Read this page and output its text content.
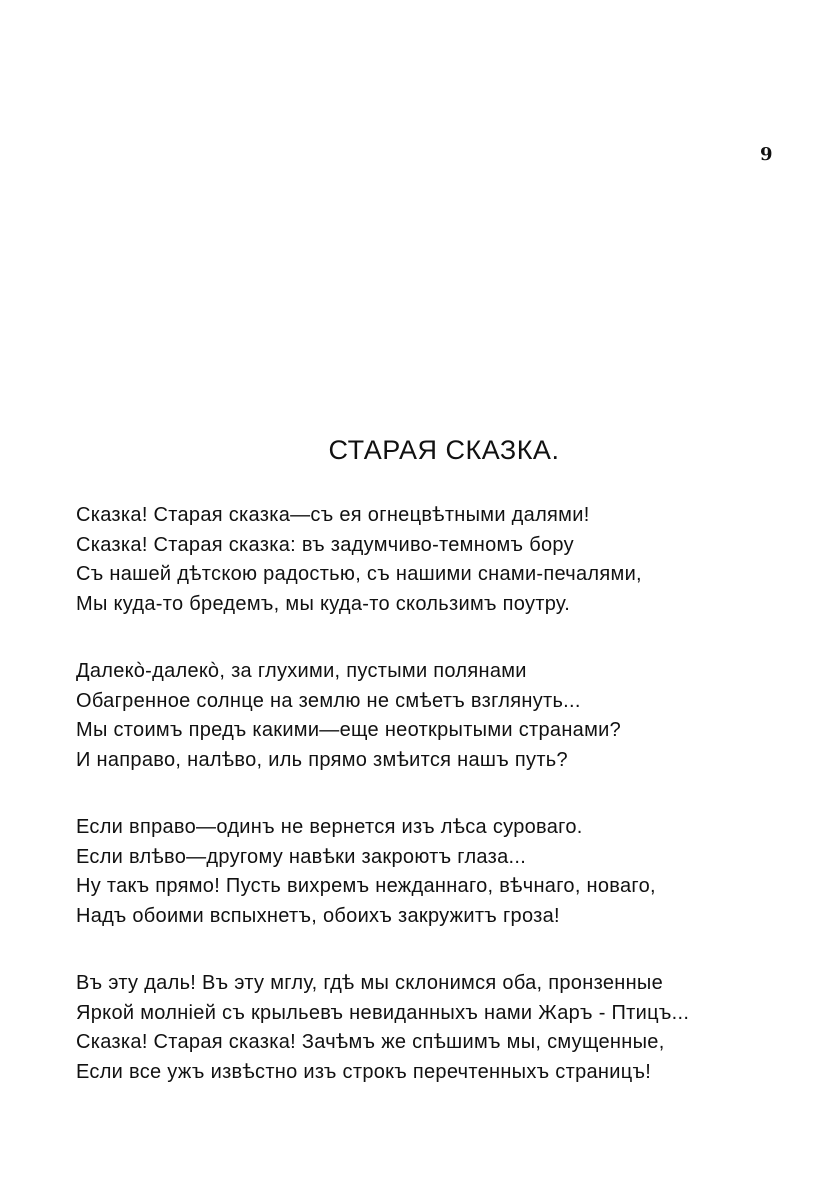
9
СТАРАЯ СКАЗКА.
Сказка! Старая сказка—съ ея огнецвѣтными далями!
Сказка! Старая сказка: въ задумчиво-темномъ бору
Съ нашей дѣтскою радостью, съ нашими снами-печалями,
Мы куда-то бредемъ, мы куда-то скользимъ поутру.
Далекò-далекò, за глухими, пустыми полянами
Обагренное солнце на землю не смѣетъ взглянуть...
Мы стоимъ предъ какими—еще неоткрытыми странами?
И направо, налѣво, иль прямо змѣится нашъ путь?
Если вправо—одинъ не вернется изъ лѣса суроваго.
Если влѣво—другому навѣки закроютъ глаза...
Ну такъ прямо! Пусть вихремъ нежданнаго, вѣчнаго, новаго,
Надъ обоими вспыхнетъ, обоихъ закружитъ гроза!
Въ эту даль! Въ эту мглу, гдѣ мы склонимся оба, пронзенные
Яркой молніей съ крыльевъ невиданныхъ нами Жаръ - Птицъ...
Сказка! Старая сказка! Зачѣмъ же спѣшимъ мы, смущенные,
Если все ужъ извѣстно изъ строкъ перечтенныхъ страницъ!
